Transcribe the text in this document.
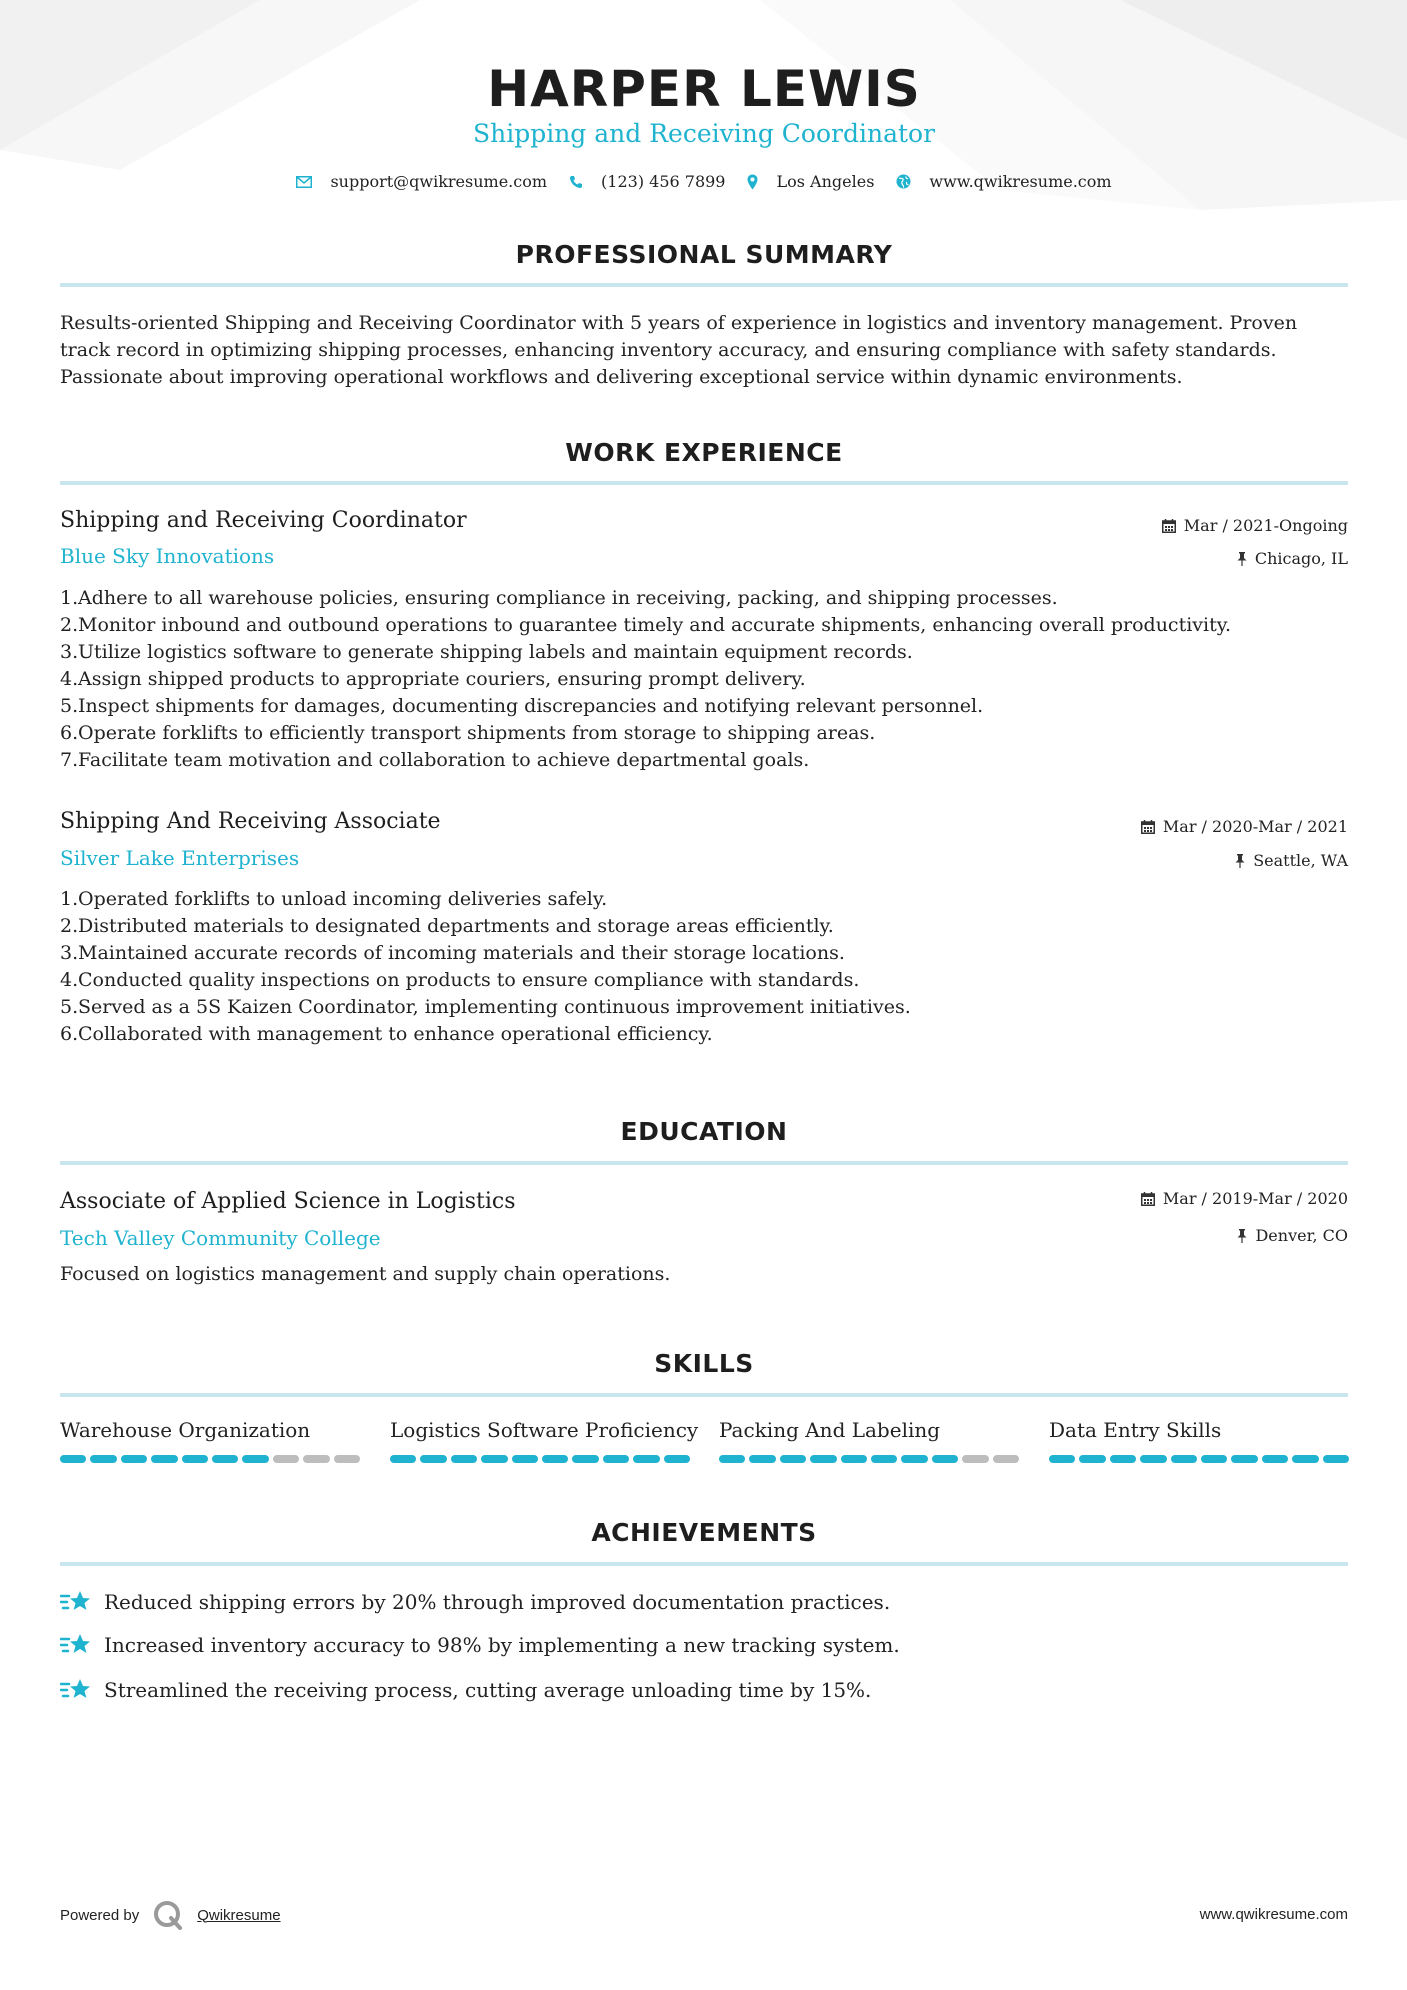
HARPER LEWIS
Shipping and Receiving Coordinator
support@qwikresume.com	(123) 456 7899	Los Angeles	www.qwikresume.com
PROFESSIONAL SUMMARY
Results-oriented Shipping and Receiving Coordinator with 5 years of experience in logistics and inventory management. Proven
track record in optimizing shipping processes, enhancing inventory accuracy, and ensuring compliance with safety standards.
Passionate about improving operational workflows and delivering exceptional service within dynamic environments.
WORK EXPERIENCE
Shipping and Receiving Coordinator
Blue Sky Innovations
Mar / 2021-Ongoing
Chicago, IL
1. Adhere to all warehouse policies, ensuring compliance in receiving, packing, and shipping processes.
2. Monitor inbound and outbound operations to guarantee timely and accurate shipments, enhancing overall productivity.
3. Utilize logistics software to generate shipping labels and maintain equipment records.
4. Assign shipped products to appropriate couriers, ensuring prompt delivery.
5. Inspect shipments for damages, documenting discrepancies and notifying relevant personnel.
6. Operate forklifts to efficiently transport shipments from storage to shipping areas.
7. Facilitate team motivation and collaboration to achieve departmental goals.
Shipping And Receiving Associate
Silver Lake Enterprises
Mar / 2020-Mar / 2021
Seattle, WA
1. Operated forklifts to unload incoming deliveries safely.
2. Distributed materials to designated departments and storage areas efficiently.
3. Maintained accurate records of incoming materials and their storage locations.
4. Conducted quality inspections on products to ensure compliance with standards.
5. Served as a 5S Kaizen Coordinator, implementing continuous improvement initiatives.
6. Collaborated with management to enhance operational efficiency.
EDUCATION
Associate of Applied Science in Logistics
Tech Valley Community College
Mar / 2019-Mar / 2020
Denver, CO
Focused on logistics management and supply chain operations.
SKILLS
Warehouse Organization	Logistics Software Proficiency Packing And Labeling	Data Entry Skills
ACHIEVEMENTS
Reduced shipping errors by 20% through improved documentation practices.
Increased inventory accuracy to 98% by implementing a new tracking system.
Streamlined the receiving process, cutting average unloading time by 15%.
Powered by	Qwikresume	www.qwikresume.com
